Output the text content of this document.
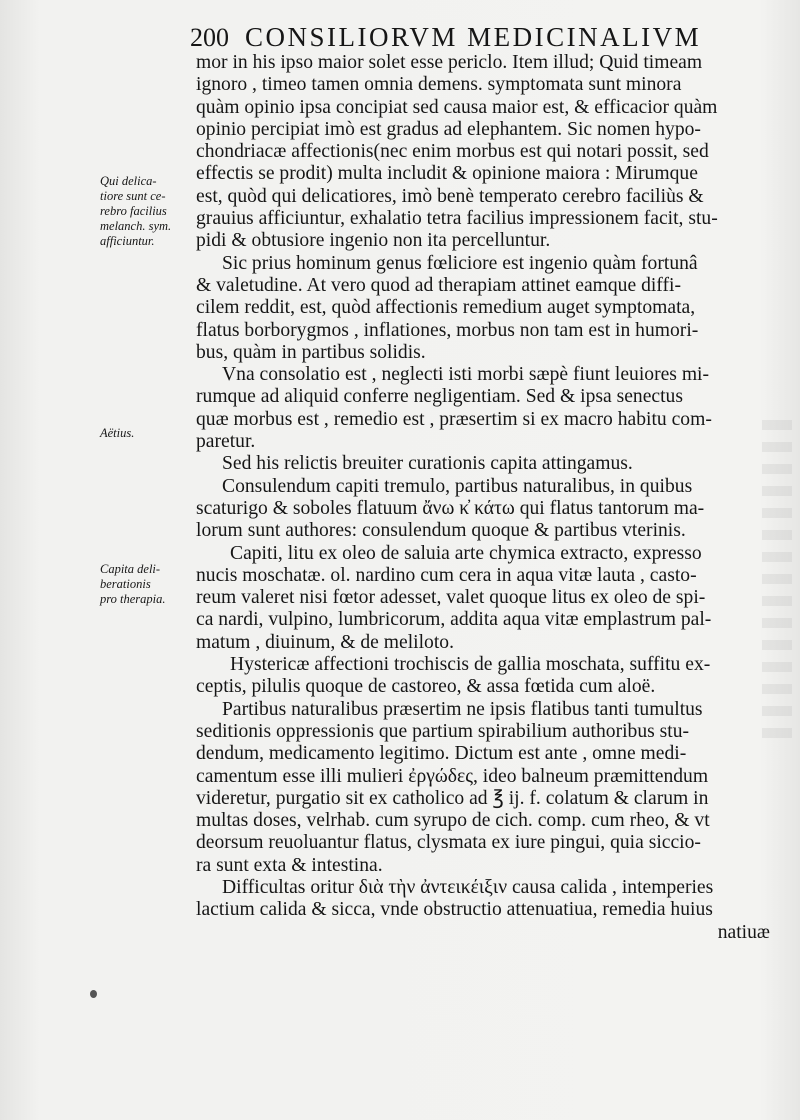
200 CONSILIORVM MEDICINALIVM
Qui delica-
tiore sunt ce-
rebro facilius
melanch. sym.
afficiuntur.
Aëtius.
Capita deli-
berationis
pro therapia.
mor in his ipso maior solet esse periclo. Item illud; Quid timeam
ignoro , timeo tamen omnia demens. symptomata sunt minora
quàm opinio ipsa concipiat sed causa maior est, & efficacior quàm
opinio percipiat imò est gradus ad elephantem. Sic nomen hypo-
chondriacæ affectionis(nec enim morbus est qui notari possit, sed
effectis se prodit) multa includit & opinione maiora : Mirumque
est, quòd qui delicatiores, imò benè temperato cerebro faciliùs &
grauius afficiuntur, exhalatio tetra facilius impressionem facit, stu-
pidi & obtusiore ingenio non ita percelluntur.
Sic prius hominum genus fœliciore est ingenio quàm fortunâ
& valetudine. At vero quod ad therapiam attinet eamque diffi-
cilem reddit, est, quòd affectionis remedium auget symptomata,
flatus borborygmos , inflationes, morbus non tam est in humori-
bus, quàm in partibus solidis.
Vna consolatio est , neglecti isti morbi sæpè fiunt leuiores mi-
rumque ad aliquid conferre negligentiam. Sed & ipsa senectus
quæ morbus est , remedio est , præsertim si ex macro habitu com-
paretur.
Sed his relictis breuiter curationis capita attingamus.
Consulendum capiti tremulo, partibus naturalibus, in quibus
scaturigo & soboles flatuum ἄνω κ̓ κάτω qui flatus tantorum ma-
lorum sunt authores: consulendum quoque & partibus vterinis.
Capiti, litu ex oleo de saluia arte chymica extracto, expresso
nucis moschatæ. ol. nardino cum cera in aqua vitæ lauta , casto-
reum valeret nisi fœtor adesset, valet quoque litus ex oleo de spi-
ca nardi, vulpino, lumbricorum, addita aqua vitæ emplastrum pal-
matum , diuinum, & de meliloto.
Hystericæ affectioni trochiscis de gallia moschata, suffitu ex-
ceptis, pilulis quoque de castoreo, & assa fœtida cum aloë.
Partibus naturalibus præsertim ne ipsis flatibus tanti tumultus
seditionis oppressionis que partium spirabilium authoribus stu-
dendum, medicamento legitimo. Dictum est ante , omne medi-
camentum esse illi mulieri ἐργώδες, ideo balneum præmittendum
videretur, purgatio sit ex catholico ad ℥ ij. f. colatum & clarum in
multas doses, velrhab. cum syrupo de cich. comp. cum rheo, & vt
deorsum reuoluantur flatus, clysmata ex iure pingui, quia siccio-
ra sunt exta & intestina.
Difficultas oritur διὰ τὴν ἀντεικέιξιν causa calida , intemperies
lactium calida & sicca, vnde obstructio attenuatiua, remedia huius
natiuæ
